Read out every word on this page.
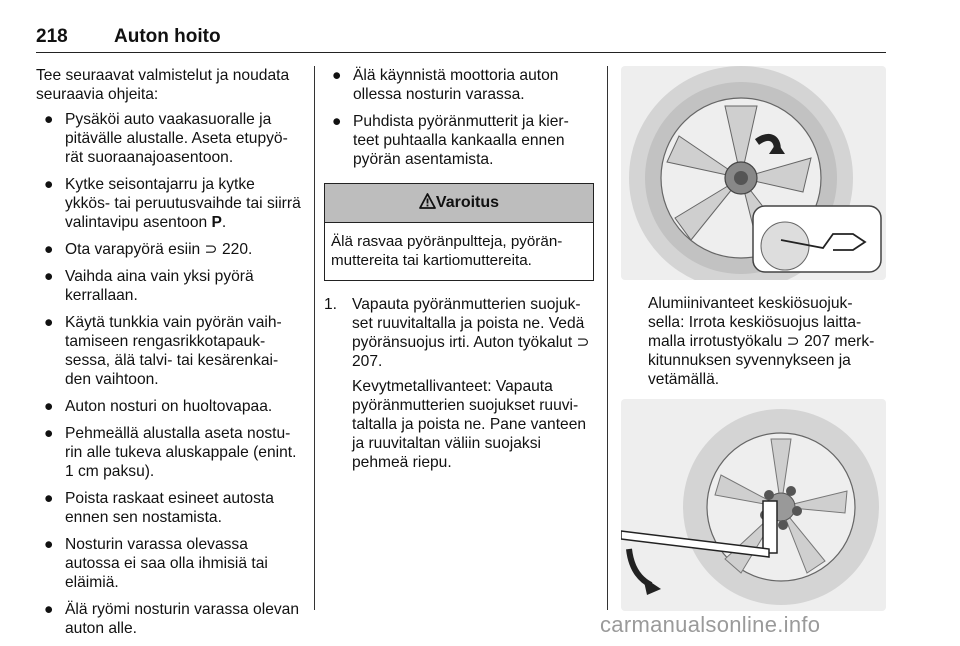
218 Auton hoito

Tee seuraavat valmistelut ja noudata seuraavia ohjeita:

● Pysäköi auto vaakasuoralle ja pitävälle alustalle. Aseta etupyö-rät suoraanajoasentoon.
● Kytke seisontajarru ja kytke ykkös- tai peruutusvaihde tai siirrä valintavipu asentoon P.
● Ota varapyörä esiin ⊃ 220.
● Vaihda aina vain yksi pyörä kerrallaan.
● Käytä tunkkia vain pyörän vaih-tamiseen rengasrikkotapauk-sessa, älä talvi- tai kesärenkai-den vaihtoon.
● Auton nosturi on huoltovapaa.
● Pehmeällä alustalla aseta nostu-rin alle tukeva aluskappale (enint. 1 cm paksu).
● Poista raskaat esineet autosta ennen sen nostamista.
● Nosturin varassa olevassa autossa ei saa olla ihmisiä tai eläimiä.
● Älä ryömi nosturin varassa olevan auton alle.
● Älä käynnistä moottoria auton ollessa nosturin varassa.
● Puhdista pyöränmutterit ja kier-teet puhtaalla kankaalla ennen pyörän asentamista.
Varoitus
Älä rasvaa pyöränpultteja, pyörän-muttereita tai kartiomuttereita.
1. Vapauta pyöränmutterien suojuk-set ruuvitaltalla ja poista ne. Vedä pyöränsuojus irti. Auton työkalut ⊃ 207.

Kevytmetallivanteet: Vapauta pyöränmutterien suojukset ruuvi-taltalla ja poista ne. Pane vanteen ja ruuvitaltan väliin suojaksi pehmeä riepu.

Alumiinivanteet keskiösuojuk-sella: Irrota keskiösuojus laitta-malla irrotustyökalu ⊃ 207 merk-kitunnuksen syvennykseen ja vetämällä.
carmanualsonline.info
